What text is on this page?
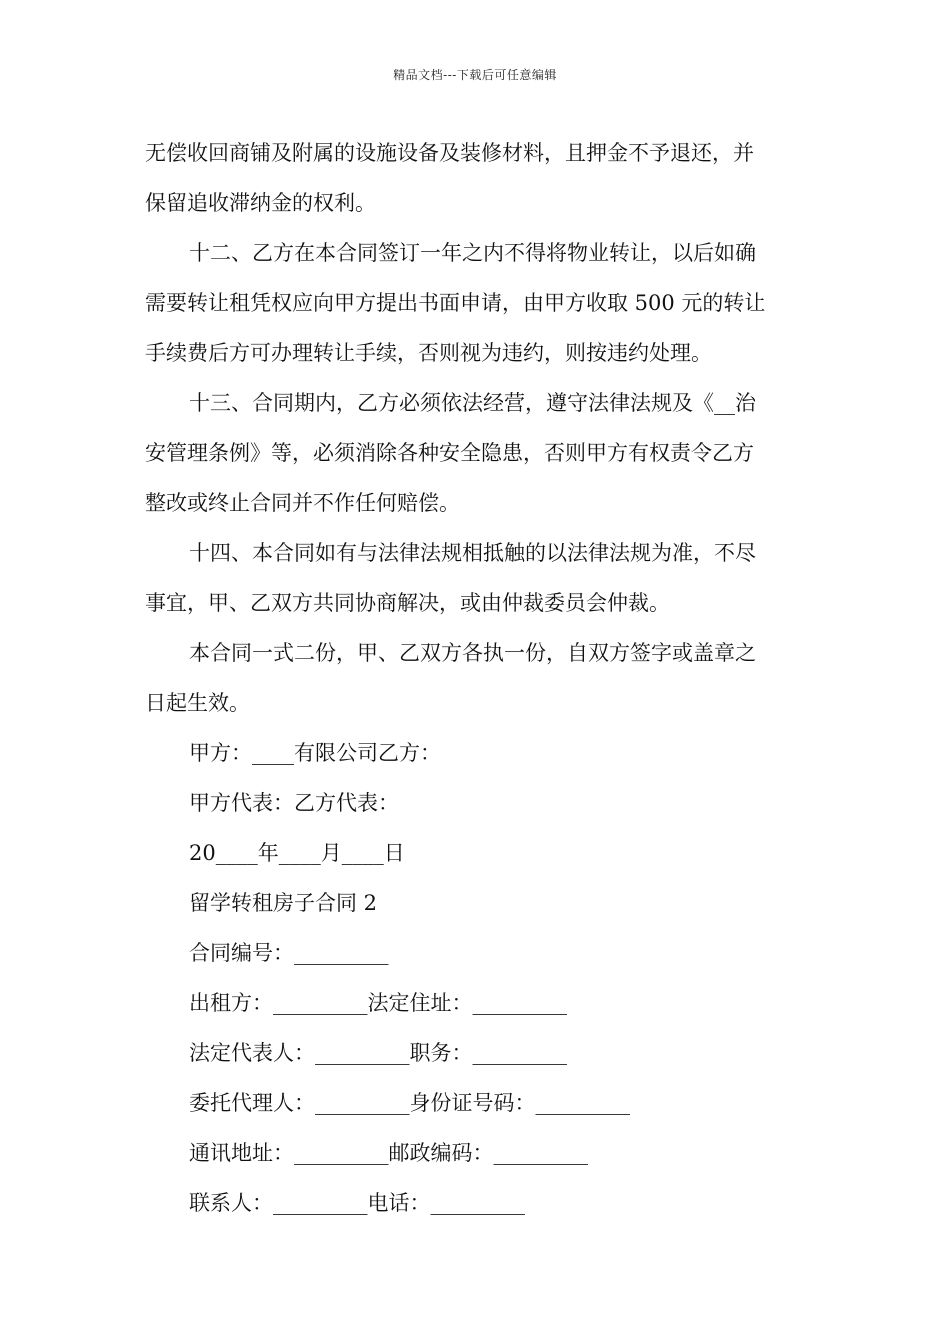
精品文档---下载后可任意编辑
无偿收回商铺及附属的设施设备及装修材料，且押金不予退还，并
保留追收滞纳金的权利。
十二、乙方在本合同签订一年之内不得将物业转让，以后如确
需要转让租凭权应向甲方提出书面申请，由甲方收取 500 元的转让
手续费后方可办理转让手续，否则视为违约，则按违约处理。
十三、合同期内，乙方必须依法经营，遵守法律法规及《__治
安管理条例》等，必须消除各种安全隐患，否则甲方有权责令乙方
整改或终止合同并不作任何赔偿。
十四、本合同如有与法律法规相抵触的以法律法规为准，不尽
事宜，甲、乙双方共同协商解决，或由仲裁委员会仲裁。
本合同一式二份，甲、乙双方各执一份，自双方签字或盖章之
日起生效。
甲方：____有限公司乙方：
甲方代表：乙方代表：
20____年____月____日
留学转租房子合同 2
合同编号：_________
出租方：_________法定住址：_________
法定代表人：_________职务：_________
委托代理人：_________身份证号码：_________
通讯地址：_________邮政编码：_________
联系人：_________电话：_________
